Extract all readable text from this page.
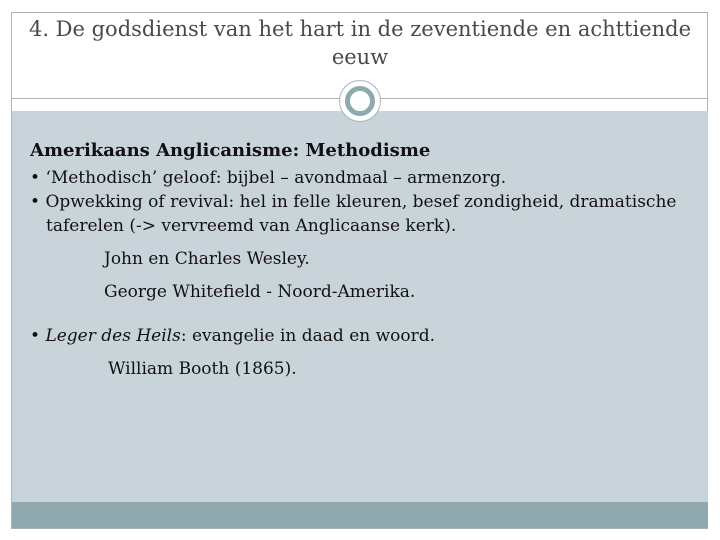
4. De godsdienst van het hart in de zeventiende en achttiende
eeuw

Amerikaans Anglicanisme: Methodisme

• ‘Methodisch’ geloof: bijbel – avondmaal – armenzorg.

• Opwekking of revival: hel in felle kleuren, besef zondigheid, dramatische

taferelen (-> vervreemd van Anglicaanse kerk).

John en Charles Wesley.

George Whitefield - Noord-Amerika.

• Leger des Heils: evangelie in daad en woord.

William Booth (1865).
